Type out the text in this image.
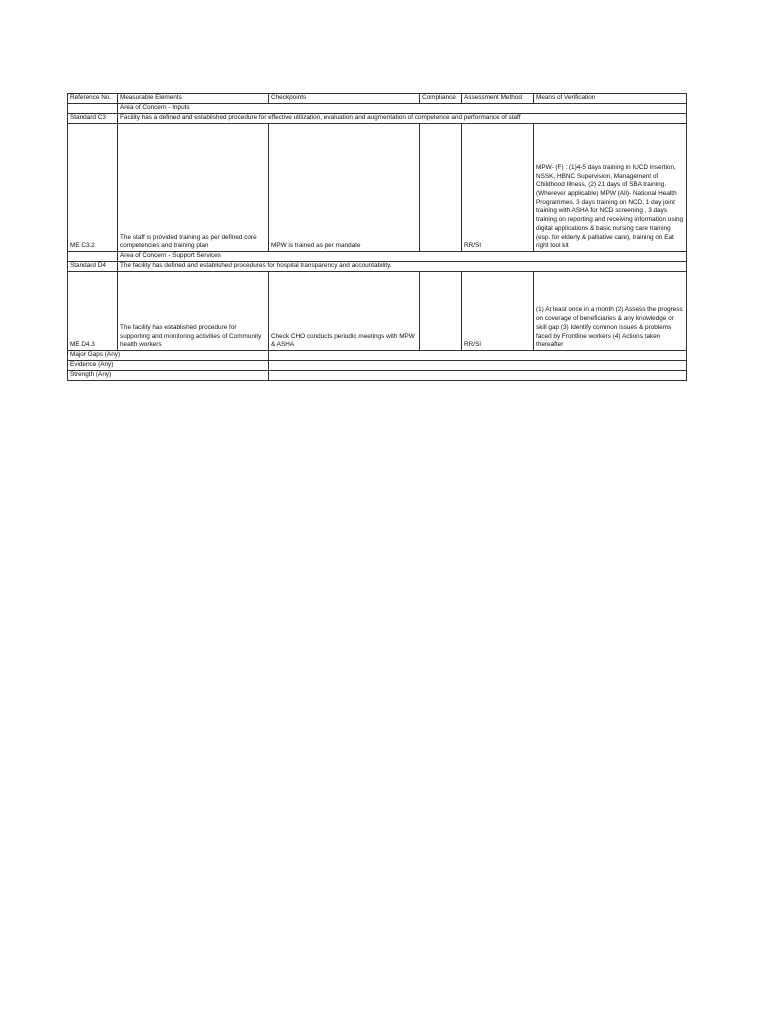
Reference No.	Measurable Elements	Checkpoints	Compliance	Assessment Method	Means of Verification
	Area of Concern - Inputs				
Standard C3	Facility has a defined and established procedure for effective utilization, evaluation and augmentation of competence and performance of staff				
ME C3.2	The staff is provided training as per defined core competencies and training plan	MPW is trained as per mandate		RR/SI	MPW- (F) : (1)4-5 days training in IUCD insertion, NSSK, HBNC Supervision, Management of Childhood Illness, (2) 21 days of SBA training. (Wherever applicable) MPW (All)- National Health Programmes, 3 days training on NCD, 1 day joint training with ASHA for NCD screening , 3 days training on reporting and receiving information using digital applications & basic nursing care training (esp. for elderly & palliative care), training on Eat right tool kit
	Area of Concern - Support Services				
Standard D4	The facility has defined and established procedures for hospital transparency and accountability.				
ME D4.3	The facility has established procedure for supporting and monitoring activities of Community health workers	Check CHO conducts periodic meetings with MPW & ASHA		RR/SI	(1) At least once in a month (2) Assess the progress on coverage of beneficiaries & any knowledge or skill gap (3) Identify common issues & problems faced by Frontline workers (4) Actions taken thereafter
Major Gaps (Any)					
Evidence (Any)					
Strength (Any)					
